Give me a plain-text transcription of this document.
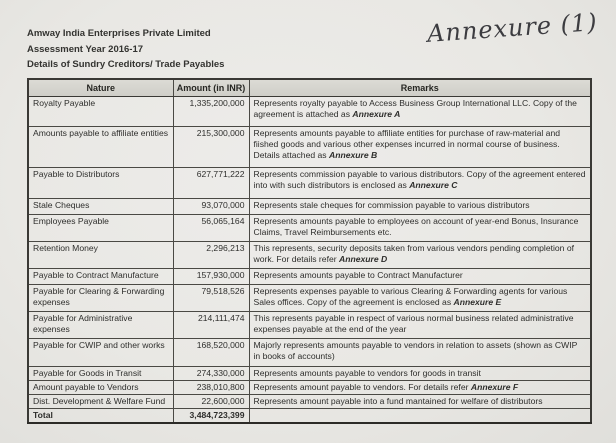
Amway India Enterprises Private Limited
Assessment Year 2016-17
Details of Sundry Creditors/ Trade Payables
Annexure (1)
Nature	Amount (in INR)	Remarks
Royalty Payable	1,335,200,000	Represents royalty payable to Access Business Group International LLC. Copy of the agreement is attached as Annexure A
Amounts payable to affiliate entities	215,300,000	Represents amounts payable to affiliate entities for purchase of raw-material and fiished goods and various other expenses incurred in normal course of business. Details attached as Annexure B
Payable to Distributors	627,771,222	Represents commission payable to various distributors. Copy of the agreement entered into with such distributors is enclosed as Annexure C
Stale Cheques	93,070,000	Represents stale cheques for commission payable to various distributors
Employees Payable	56,065,164	Represents amounts payable to employees on account of year-end Bonus, Insurance Claims, Travel Reimbursements etc.
Retention Money	2,296,213	This represents, security deposits taken from various vendors pending completion of work. For details refer Annexure D
Payable to Contract Manufacture	157,930,000	Represents amounts payable to Contract Manufacturer
Payable for Clearing & Forwarding expenses	79,518,526	Represents expenses payable to various Clearing & Forwarding agents for various Sales offices. Copy of the agreement is enclosed as Annexure E
Payable for Administrative expenses	214,111,474	This represents payable in respect of various normal business related administrative expenses payable at the end of the year
Payable for CWIP and other works	168,520,000	Majorly represents amounts payable to vendors in relation to assets (shown as CWIP in books of accounts)
Payable for Goods in Transit	274,330,000	Represents amounts payable to vendors for goods in transit
Amount payable to Vendors	238,010,800	Represents amount payable to vendors. For details refer Annexure F
Dist. Development & Welfare Fund	22,600,000	Represents amount payable into a fund mantained for welfare of distributors
Total	3,484,723,399	
